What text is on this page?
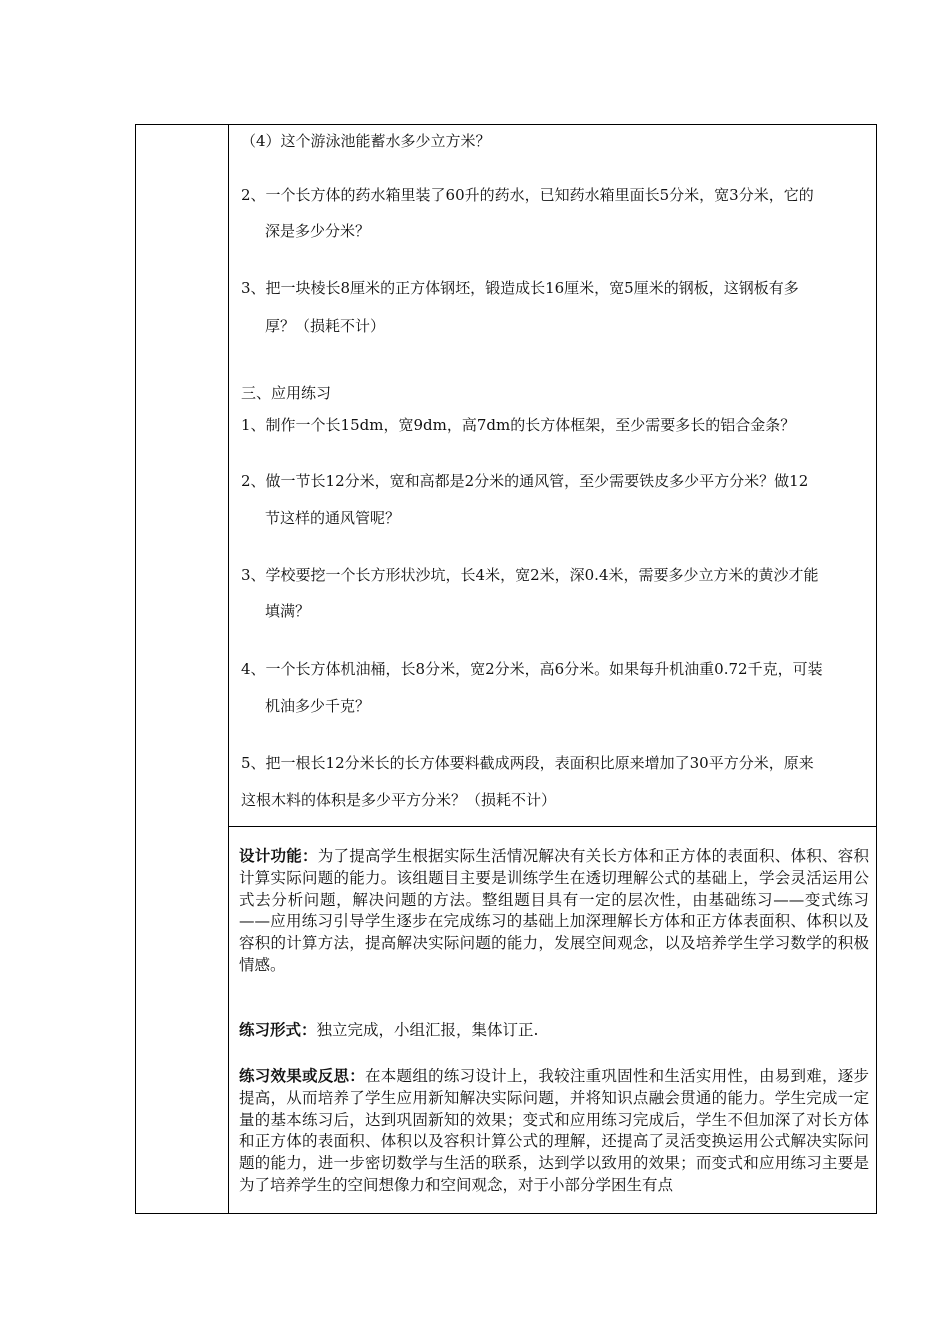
（4）这个游泳池能蓄水多少立方米？
2、一个长方体的药水箱里装了60升的药水，已知药水箱里面长5分米，宽3分米，它的
深是多少分米？
3、把一块棱长8厘米的正方体钢坯，锻造成长16厘米，宽5厘米的钢板，这钢板有多
厚？（损耗不计）
三、应用练习
1、制作一个长15dm，宽9dm，高7dm的长方体框架，至少需要多长的铝合金条？
2、做一节长12分米，宽和高都是2分米的通风管，至少需要铁皮多少平方分米？做12
节这样的通风管呢？
3、学校要挖一个长方形状沙坑，长4米，宽2米，深0.4米，需要多少立方米的黄沙才能
填满？
4、一个长方体机油桶，长8分米，宽2分米，高6分米。如果每升机油重0.72千克，可装
机油多少千克？
5、把一根长12分米长的长方体要料截成两段，表面积比原来增加了30平方分米，原来
这根木料的体积是多少平方分米？（损耗不计）
设计功能：为了提高学生根据实际生活情况解决有关长方体和正方体的表面积、体积、容积计算实际问题的能力。该组题目主要是训练学生在透切理解公式的基础上，学会灵活运用公式去分析问题，解决问题的方法。整组题目具有一定的层次性，由基础练习——变式练习——应用练习引导学生逐步在完成练习的基础上加深理解长方体和正方体表面积、体积以及容积的计算方法，提高解决实际问题的能力，发展空间观念，以及培养学生学习数学的积极情感。
练习形式：独立完成，小组汇报，集体订正.
练习效果或反思：在本题组的练习设计上，我较注重巩固性和生活实用性，由易到难，逐步提高，从而培养了学生应用新知解决实际问题，并将知识点融会贯通的能力。学生完成一定量的基本练习后，达到巩固新知的效果；变式和应用练习完成后，学生不但加深了对长方体和正方体的表面积、体积以及容积计算公式的理解，还提高了灵活变换运用公式解决实际问题的能力，进一步密切数学与生活的联系，达到学以致用的效果；而变式和应用练习主要是为了培养学生的空间想像力和空间观念，对于小部分学困生有点
